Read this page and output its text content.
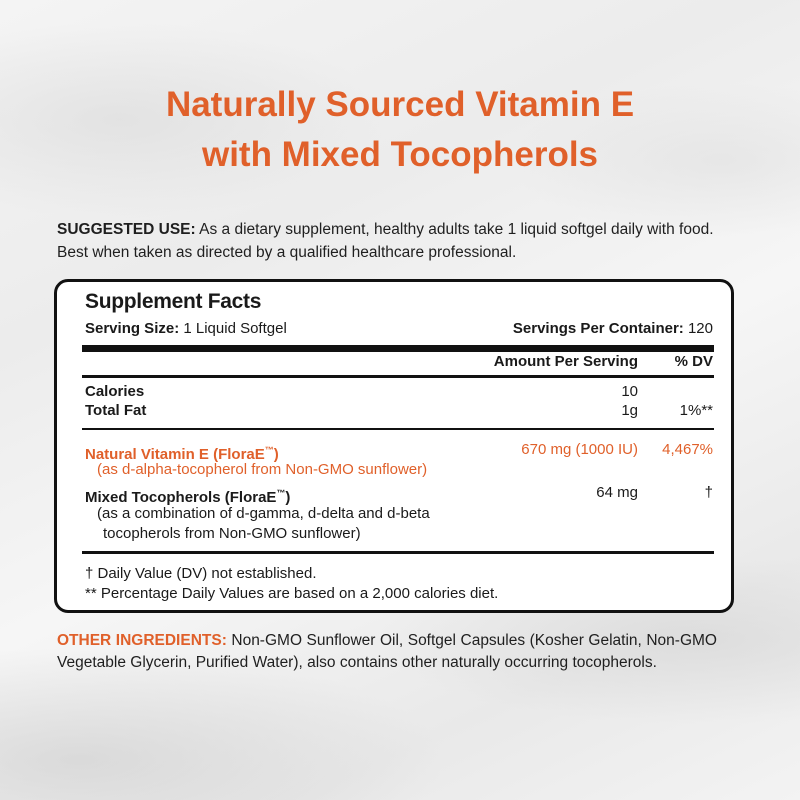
Naturally Sourced Vitamin E
with Mixed Tocopherols
SUGGESTED USE: As a dietary supplement, healthy adults take 1 liquid softgel daily with food. Best when taken as directed by a qualified healthcare professional.
Supplement Facts
Serving Size: 1 Liquid Softgel	Servings Per Container: 120
Amount Per Serving % DV
Calories	10
Total Fat	1g	1%**
Natural Vitamin E (FloraE™)	670 mg (1000 IU) 4,467%
(as d-alpha-tocopherol from Non-GMO sunflower)
Mixed Tocopherols (FloraE™)	64 mg	†
(as a combination of d-gamma, d-delta and d-beta
tocopherols from Non-GMO sunflower)
† Daily Value (DV) not established.
** Percentage Daily Values are based on a 2,000 calories diet.
OTHER INGREDIENTS: Non-GMO Sunflower Oil, Softgel Capsules (Kosher Gelatin, Non-GMO Vegetable Glycerin, Purified Water), also contains other naturally occurring tocopherols.
